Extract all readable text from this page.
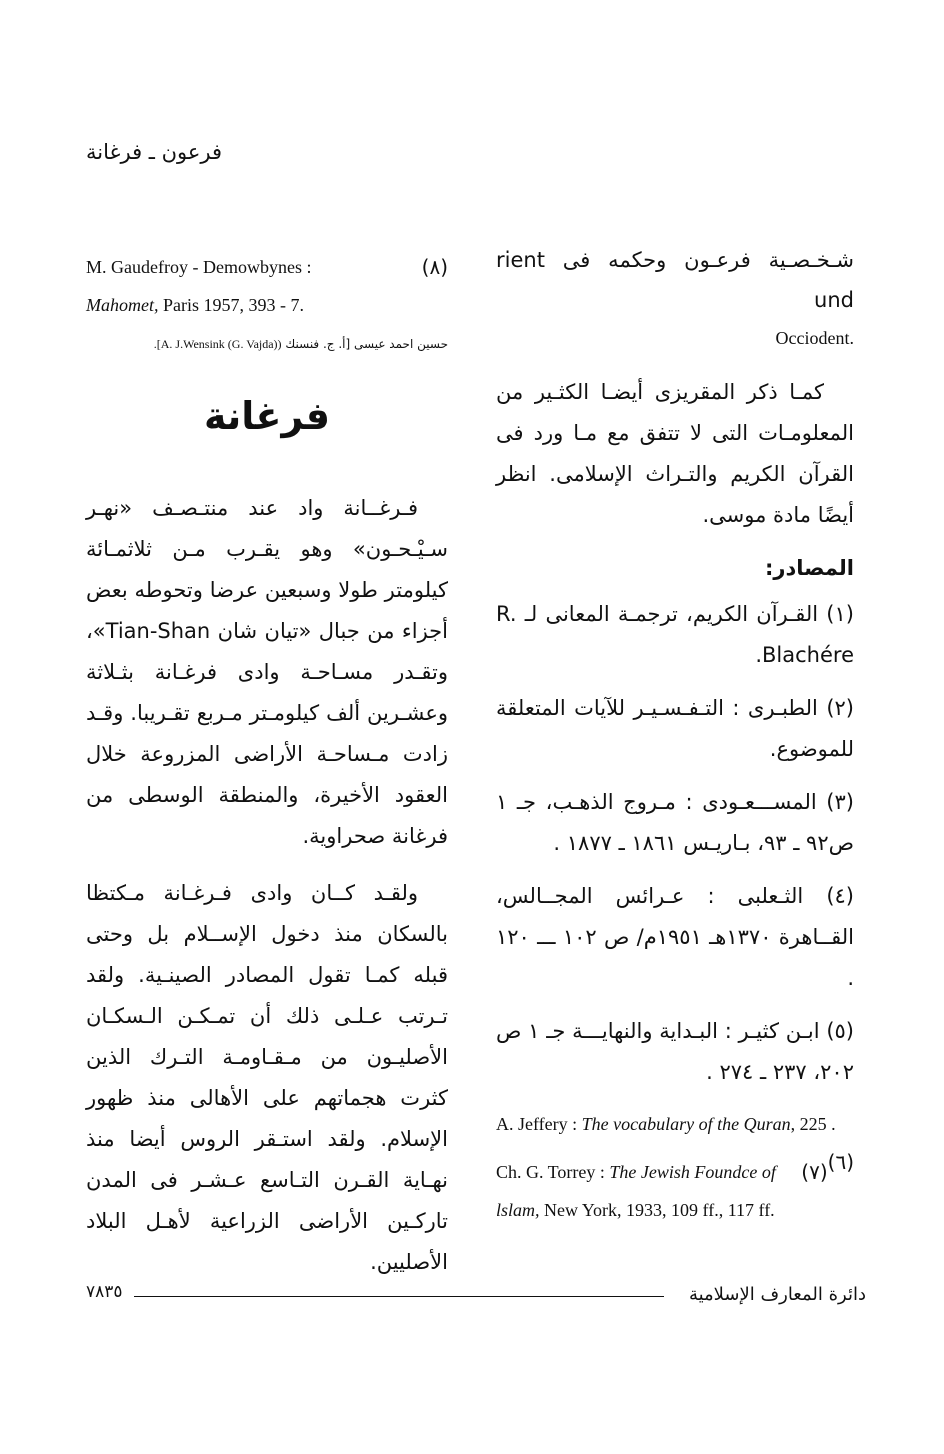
فرعون ـ فرغانة
شـخـصـية فرعـون وحكمه فى rient und
.Occiodent
كمـا ذكر المقريزى أيضـا الكثـير من المعلومـات التى لا تتفق مع مـا ورد فى القرآن الكريم والتـراث الإسلامى. انظر أيضًا مادة موسى.
المصادر:
(١) القـرآن الكريم، ترجمـة المعانى لـ R. Blachére.
(٢) الطبـرى : التـفـسـيـر للآيات المتعلقة للموضوع.
(٣) المســـعـودى : مـروج الذهـب، جـ ١ ص٩٢ ـ ٩٣، بـاريـس ١٨٦١ ـ ١٨٧٧ .
(٤) الثـعلبى : عـرائس المجــالس، القــاهرة ١٣٧٠هـ ١٩٥١م/ ص ١٠٢ ـــ ١٢٠ .
(٥) ابـن كثيـر : البـداية والنهايـــة جـ ١ ص ٢٠٢، ٢٣٧ ـ ٢٧٤ .
A. Jeffery : The vocabulary of the Quran, 225 .
(٦)
(٧)
Ch. G. Torrey : The Jewish Foundce of lslam, New York, 1933, 109 ff., 117 ff.
(٨)
M. Gaudefroy - Demowbynes :
Mahomet, Paris 1957, 393 - 7.
حسين احمد عيسى [أ. ج. فنسنك (A. J.Wensink (G. Vajda)].
فرغانة
فـرغــانة واد عند منتـصـف «نهـر سـيْـحـون» وهو يقـرب مـن ثلاثمـائة كيلومتر طولا وسبعين عرضا وتحوطه بعض أجزاء من جبال «تيان شان Tian-Shan»، وتقـدر مسـاحـة وادى فرغـانة بثـلاثة وعشـرين ألف كيلومـتر مـربع تقـريبا. وقـد زادت مـساحـة الأراضى المزروعة خلال العقود الأخيرة، والمنطقة الوسطى من فرغانة صحراوية.
ولقـد كــان وادى فـرغـانة مـكتظا بالسكان منذ دخول الإســلام بل وحتى قبله كمـا تقول المصادر الصينـية. ولقد تـرتب عـلـى ذلك أن تمـكـن الـسكـان الأصليـون من مـقـاومـة التـرك الذين كثرت هجماتهم على الأهالى منذ ظهور الإسلام. ولقد استـقر الروس أيضا منذ نهـاية القـرن التـاسع عـشـر فى المدن تاركـين الأراضى الزراعية لأهـل البلاد الأصليين.
دائرة المعارف الإسلامية
٧٨٣٥
